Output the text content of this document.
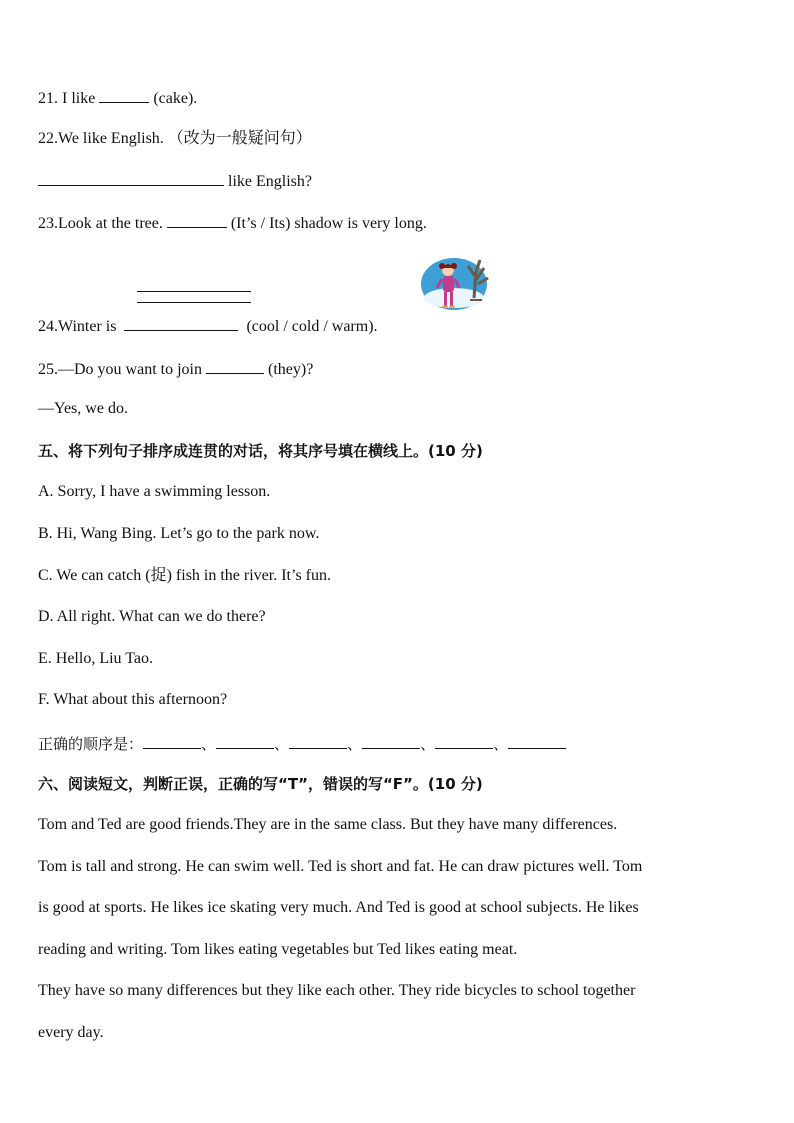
21. I like	(cake).
22.We like English. （改为一般疑问句）
like English?
23.Look at the tree.	(It’s / Its) shadow is very long.
24.Winter is	(cool / cold / warm).
25.—Do you want to join	(they)?
—Yes, we do.
五、将下列句子排序成连贯的对话，将其序号填在横线上。(10 分)
A. Sorry, I have a swimming lesson.
B. Hi, Wang Bing. Let’s go to the park now.
C. We can catch (捉) fish in the river. It’s fun.
D. All right. What can we do there?
E. Hello, Liu Tao.
F. What about this afternoon?
正确的顺序是：	、	、	、	、	、
六、阅读短文，判断正误，正确的写“T”，错误的写“F”。(10 分)
Tom and Ted are good friends.They are in the same class. But they have many differences.
Tom is tall and strong. He can swim well. Ted is short and fat. He can draw pictures well. Tom
is good at sports. He likes ice skating very much. And Ted is good at school subjects. He likes
reading and writing. Tom likes eating vegetables but Ted likes eating meat.
They have so many differences but they like each other. They ride bicycles to school together
every day.
